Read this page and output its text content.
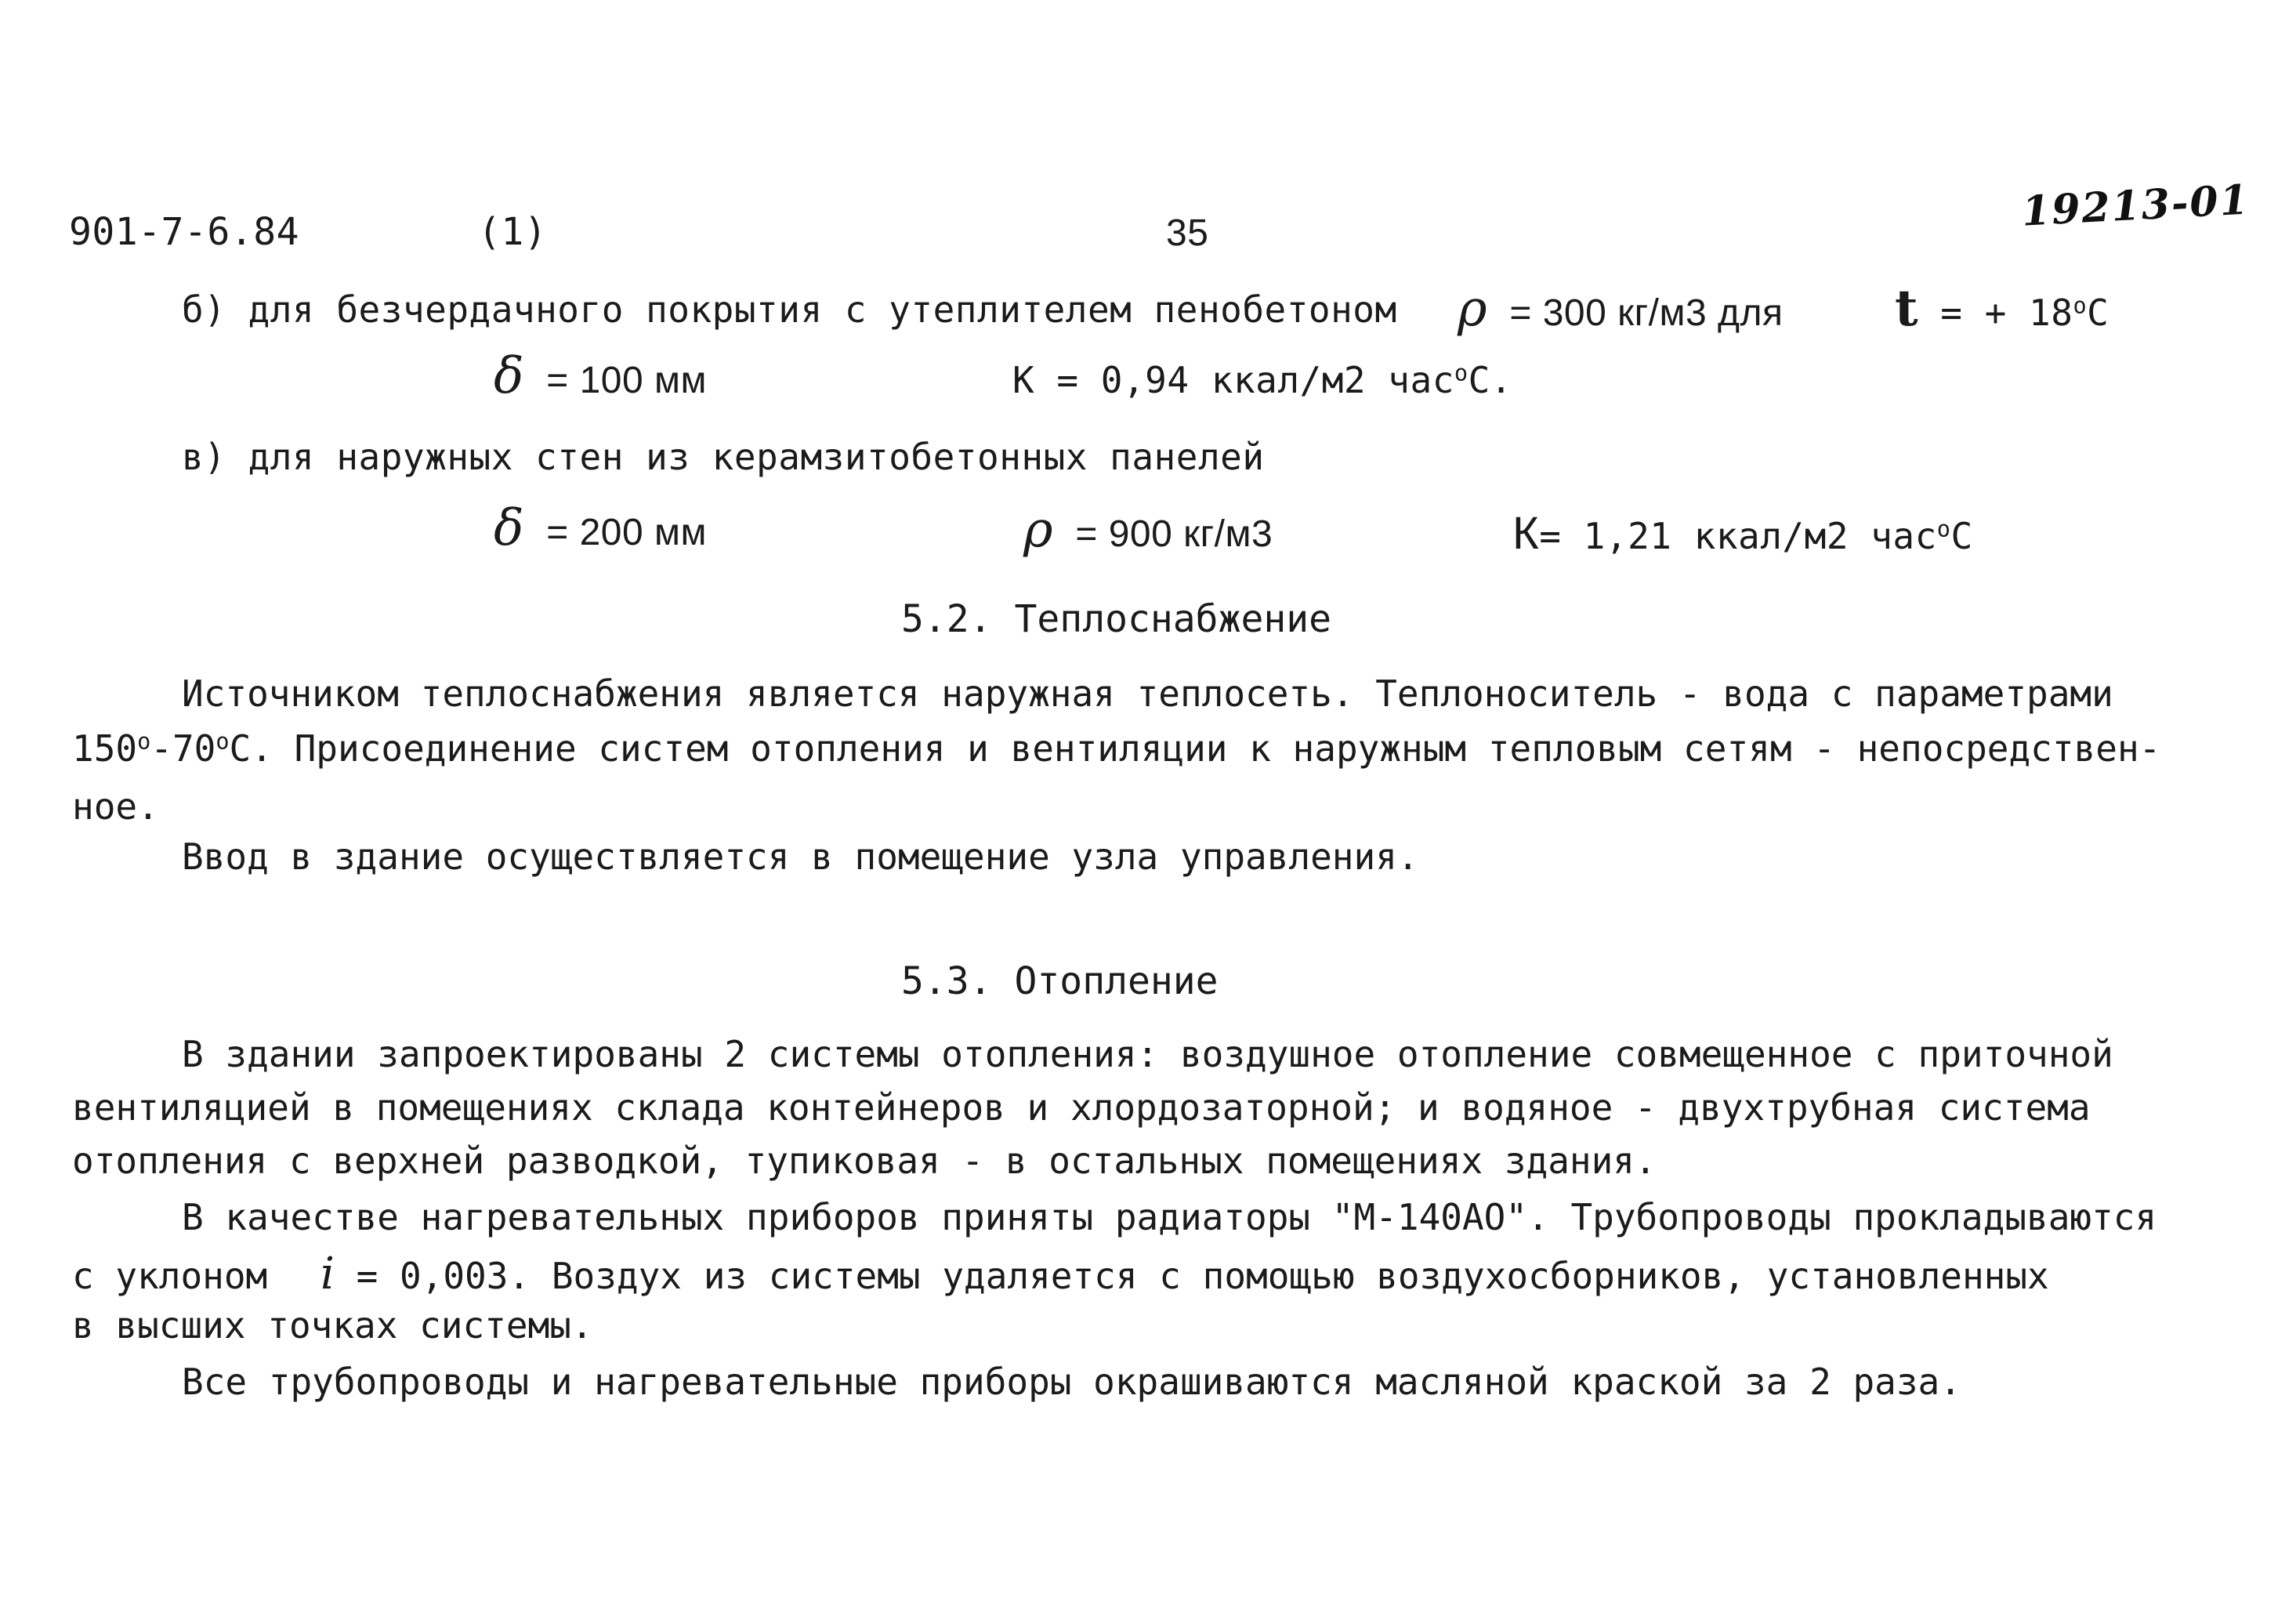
901-7-6.84	(1)	35	19213-01
б) для безчердачного покрытия с утеплителем пенобетоном ρ = 300 кг/м3 для t = + $18^оC$
δ = 100 мм	К = 0,94 ккал/м2 час$^о$С.
в) для наружных стен из керамзитобетонных панелей
δ = 200 мм	ρ = 900 кг/м3	К= 1,21 ккал/м2 час$^о$С
5.2. Теплоснабжение
Источником теплоснабжения является наружная теплосеть. Теплоноситель - вода с параметрами
$150^о-70^оС$. Присоединение систем отопления и вентиляции к наружным тепловым сетям - непосредствен-
ное.
Ввод в здание осуществляется в помещение узла управления.
5.3. Отопление
В здании запроектированы 2 системы отопления: воздушное отопление совмещенное с приточной
вентиляцией в помещениях склада контейнеров и хлордозаторной; и водяное - двухтрубная система
отопления с верхней разводкой, тупиковая - в остальных помещениях здания.
В качестве нагревательных приборов приняты радиаторы "М-140АО". Трубопроводы прокладываются
с уклоном i = 0,003. Воздух из системы удаляется с помощью воздухосборников, установленных
в высших точках системы.
Все трубопроводы и нагревательные приборы окрашиваются масляной краской за 2 раза.
